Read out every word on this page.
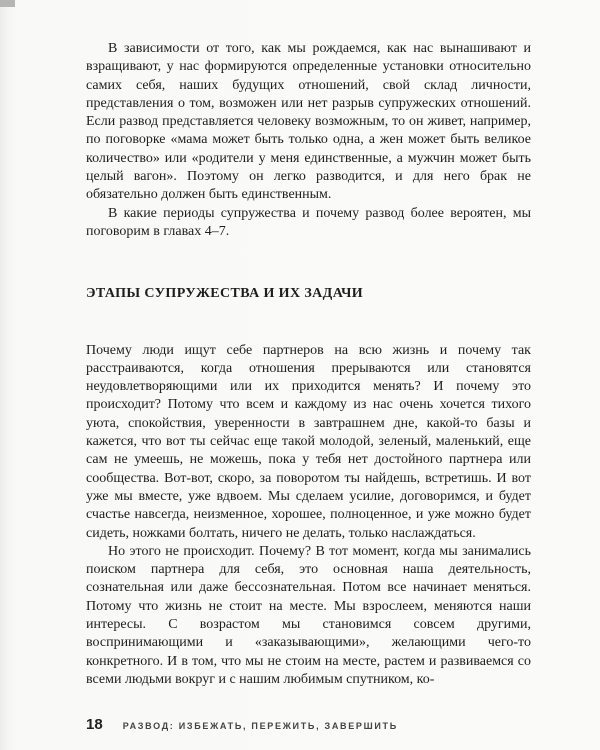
В зависимости от того, как мы рождаемся, как нас вынашивают и взращивают, у нас формируются определенные установки относительно самих себя, наших будущих отношений, свой склад личности, представления о том, возможен или нет разрыв супружеских отношений. Если развод представляется человеку возможным, то он живет, например, по поговорке «мама может быть только одна, а жен может быть великое количество» или «родители у меня единственные, а мужчин может быть целый вагон». Поэтому он легко разводится, и для него брак не обязательно должен быть единственным.

В какие периоды супружества и почему развод более вероятен, мы поговорим в главах 4–7.

ЭТАПЫ СУПРУЖЕСТВА И ИХ ЗАДАЧИ

Почему люди ищут себе партнеров на всю жизнь и почему так расстраиваются, когда отношения прерываются или становятся неудовлетворяющими или их приходится менять? И почему это происходит? Потому что всем и каждому из нас очень хочется тихого уюта, спокойствия, уверенности в завтрашнем дне, какой-то базы и кажется, что вот ты сейчас еще такой молодой, зеленый, маленький, еще сам не умеешь, не можешь, пока у тебя нет достойного партнера или сообщества. Вот-вот, скоро, за поворотом ты найдешь, встретишь. И вот уже мы вместе, уже вдвоем. Мы сделаем усилие, договоримся, и будет счастье навсегда, неизменное, хорошее, полноценное, и уже можно будет сидеть, ножками болтать, ничего не делать, только наслаждаться.

Но этого не происходит. Почему? В тот момент, когда мы занимались поиском партнера для себя, это основная наша деятельность, сознательная или даже бессознательная. Потом все начинает меняться. Потому что жизнь не стоит на месте. Мы взрослеем, меняются наши интересы. С возрастом мы становимся совсем другими, воспринимающими и «заказывающими», желающими чего-то конкретного. И в том, что мы не стоим на месте, растем и развиваемся со всеми людьми вокруг и с нашим любимым спутником, ко-

18 РАЗВОД: ИЗБЕЖАТЬ, ПЕРЕЖИТЬ, ЗАВЕРШИТЬ
